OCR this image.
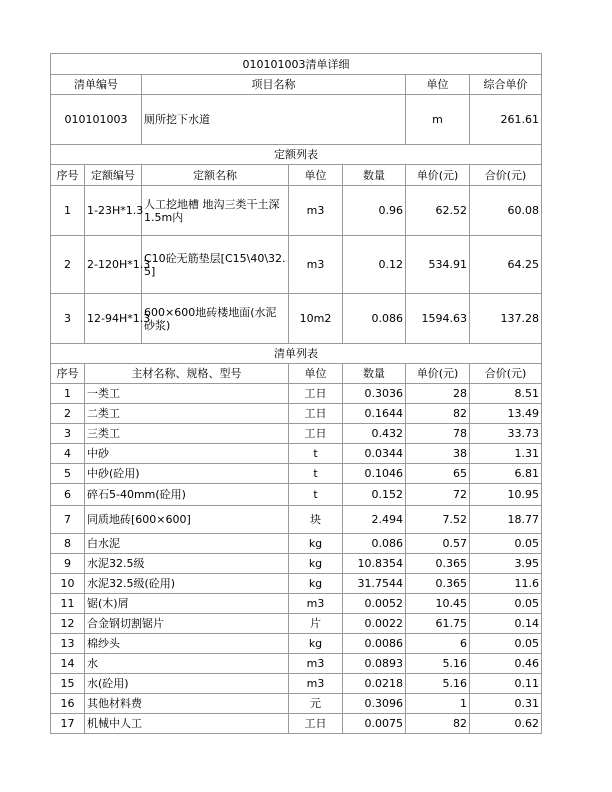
010101003清单详细						
清单编号		项目名称			单位	综合单价
010101003		厕所挖下水道			m	261.61
定额列表						
序号	定额编号	定额名称	单位	数量	单价(元)	合价(元)
1	1-23H*1.3	人工挖地槽 地沟三类干土深1.5m内	m3	0.96	62.52	60.08
2	2-120H*1.3	C10砼无筋垫层[C15\40\32.5]	m3	0.12	534.91	64.25
3	12-94H*1.3	600×600地砖楼地面(水泥砂浆)	10m2	0.086	1594.63	137.28
清单列表						
序号	主材名称、规格、型号		单位	数量	单价(元)	合价(元)
1	一类工		工日	0.3036	28	8.51
2	二类工		工日	0.1644	82	13.49
3	三类工		工日	0.432	78	33.73
4	中砂		t	0.0344	38	1.31
5	中砂(砼用)		t	0.1046	65	6.81
6	碎石5-40mm(砼用)		t	0.152	72	10.95
7	同质地砖[600×600]		块	2.494	7.52	18.77
8	白水泥		kg	0.086	0.57	0.05
9	水泥32.5级		kg	10.8354	0.365	3.95
10	水泥32.5级(砼用)		kg	31.7544	0.365	11.6
11	锯(木)屑		m3	0.0052	10.45	0.05
12	合金钢切割锯片		片	0.0022	61.75	0.14
13	棉纱头		kg	0.0086	6	0.05
14	水		m3	0.0893	5.16	0.46
15	水(砼用)		m3	0.0218	5.16	0.11
16	其他材料费		元	0.3096	1	0.31
17	机械中人工		工日	0.0075	82	0.62
